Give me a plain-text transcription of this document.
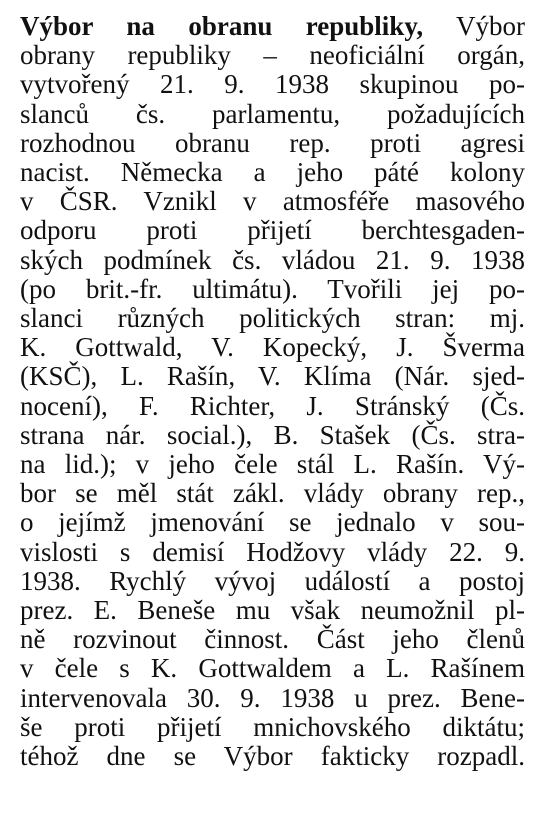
Výbor na obranu republiky, Výbor
obrany republiky – neoficiální orgán,
vytvořený 21. 9. 1938 skupinou po-
slanců čs. parlamentu, požadujících
rozhodnou obranu rep. proti agresi
nacist. Německa a jeho páté kolony
v ČSR. Vznikl v atmosféře masového
odporu proti přijetí berchtesgaden-
ských podmínek čs. vládou 21. 9. 1938
(po brit.-fr. ultimátu). Tvořili jej po-
slanci různých politických stran: mj.
K. Gottwald, V. Kopecký, J. Šverma
(KSČ), L. Rašín, V. Klíma (Nár. sjed-
nocení), F. Richter, J. Stránský (Čs.
strana nár. social.), B. Stašek (Čs. stra-
na lid.); v jeho čele stál L. Rašín. Vý-
bor se měl stát zákl. vlády obrany rep.,
o jejímž jmenování se jednalo v sou-
vislosti s demisí Hodžovy vlády 22. 9.
1938. Rychlý vývoj událostí a postoj
prez. E. Beneše mu však neumožnil pl-
ně rozvinout činnost. Část jeho členů
v čele s K. Gottwaldem a L. Rašínem
intervenovala 30. 9. 1938 u prez. Bene-
še proti přijetí mnichovského diktátu;
téhož dne se Výbor fakticky rozpadl.
